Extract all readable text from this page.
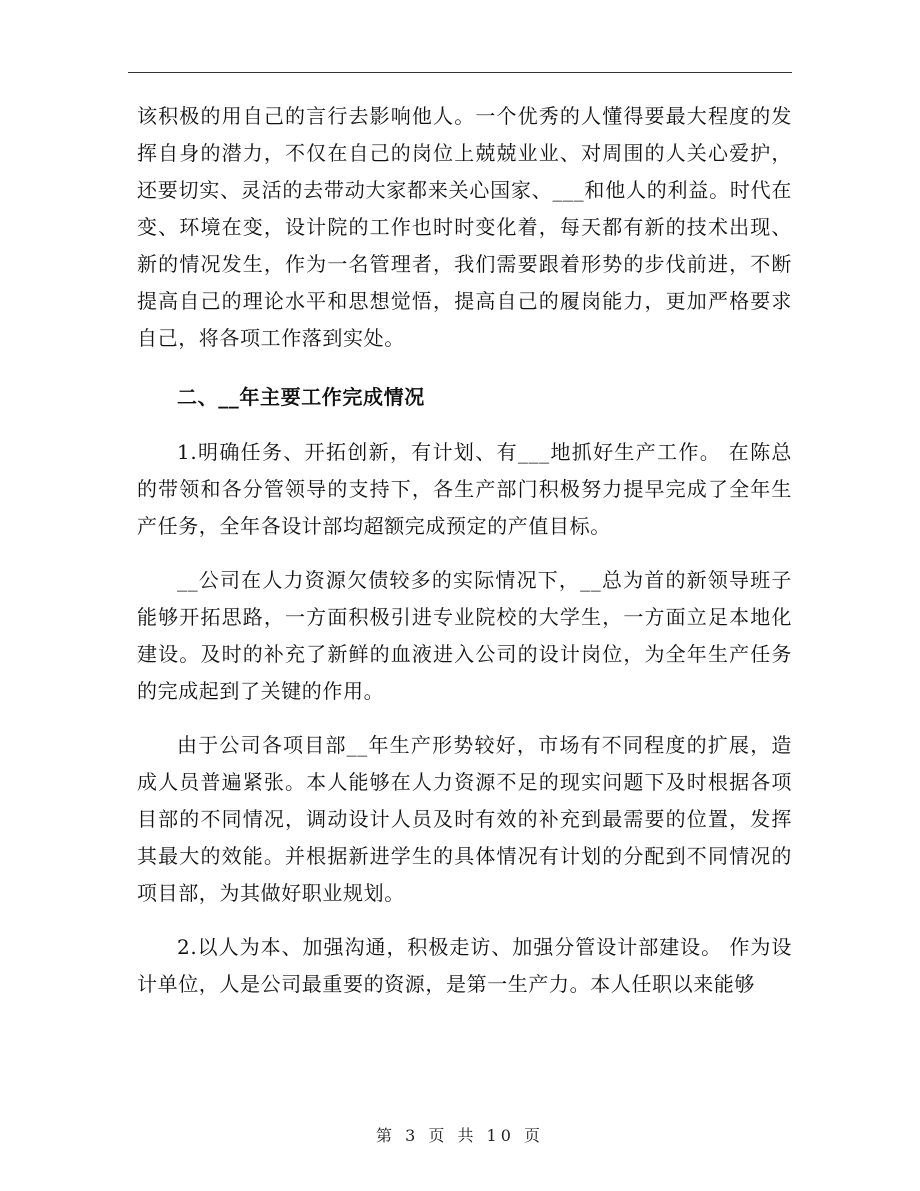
该积极的用自己的言行去影响他人。一个优秀的人懂得要最大程度的发挥自身的潜力，不仅在自己的岗位上兢兢业业、对周围的人关心爱护，还要切实、灵活的去带动大家都来关心国家、___和他人的利益。时代在变、环境在变，设计院的工作也时时变化着，每天都有新的技术出现、新的情况发生，作为一名管理者，我们需要跟着形势的步伐前进，不断提高自己的理论水平和思想觉悟，提高自己的履岗能力，更加严格要求自己，将各项工作落到实处。

二、__年主要工作完成情况

1.明确任务、开拓创新，有计划、有___地抓好生产工作。 在陈总的带领和各分管领导的支持下，各生产部门积极努力提早完成了全年生产任务，全年各设计部均超额完成预定的产值目标。

__公司在人力资源欠债较多的实际情况下，__总为首的新领导班子能够开拓思路，一方面积极引进专业院校的大学生，一方面立足本地化建设。及时的补充了新鲜的血液进入公司的设计岗位，为全年生产任务的完成起到了关键的作用。

由于公司各项目部__年生产形势较好，市场有不同程度的扩展，造成人员普遍紧张。本人能够在人力资源不足的现实问题下及时根据各项目部的不同情况，调动设计人员及时有效的补充到最需要的位置，发挥其最大的效能。并根据新进学生的具体情况有计划的分配到不同情况的项目部，为其做好职业规划。

2.以人为本、加强沟通，积极走访、加强分管设计部建设。 作为设计单位，人是公司最重要的资源，是第一生产力。本人任职以来能够

第 3 页 共 10 页
